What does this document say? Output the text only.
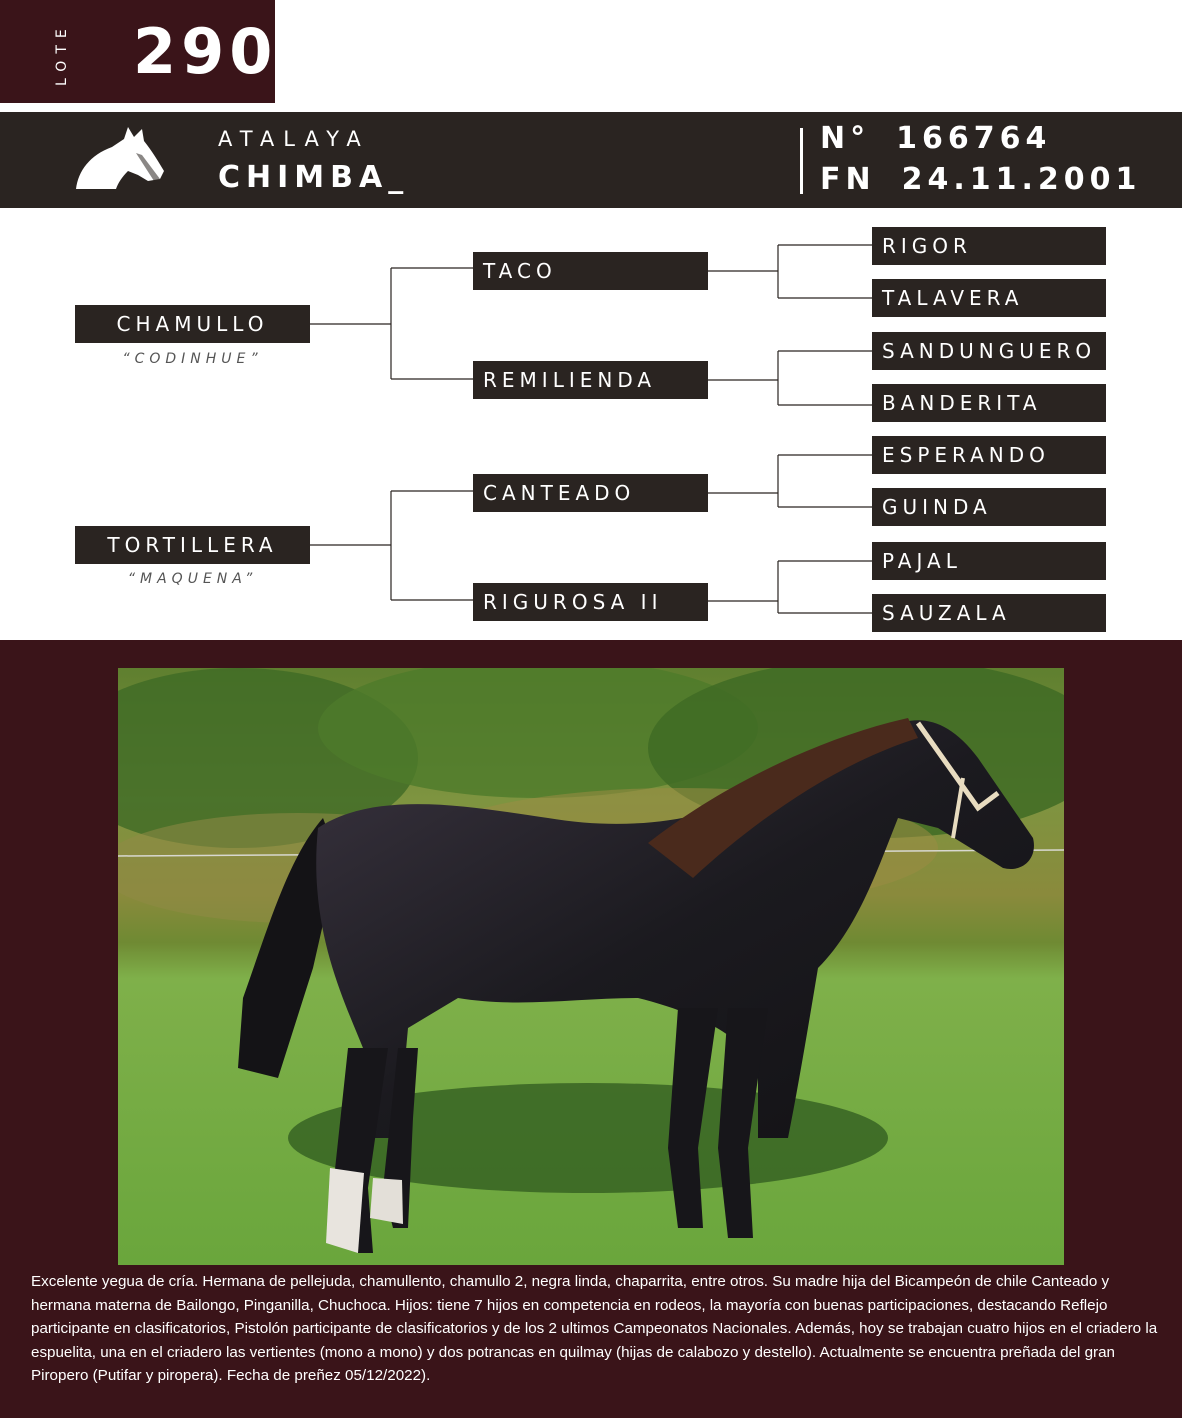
LOTE 290
ATALAYA
CHIMBA_
N° 166764
FN 24.11.2001
CHAMULLO
“CODINHUE”
TORTILLERA
“MAQUENA”
TACO
REMILIENDA
CANTEADO
RIGUROSA II
RIGOR
TALAVERA
SANDUNGUERO
BANDERITA
ESPERANDO
GUINDA
PAJAL
SAUZALA
Excelente yegua de cría. Hermana de pellejuda, chamullento, chamullo 2, negra linda, chaparrita, entre otros. Su madre hija del Bicampeón de chile Canteado y hermana materna de Bailongo, Pinganilla, Chuchoca. Hijos: tiene 7 hijos en competencia en rodeos, la mayoría con buenas participaciones, destacando Reflejo participante en clasificatorios, Pistolón participante de clasificatorios y de los 2 ultimos Campeonatos Nacionales. Además, hoy se trabajan cuatro hijos en el criadero la espuelita, una en el criadero las vertientes (mono a mono) y dos potrancas en quilmay (hijas de calabozo y destello). Actualmente se encuentra preñada del gran Piropero (Putifar y piropera). Fecha de preñez 05/12/2022).
